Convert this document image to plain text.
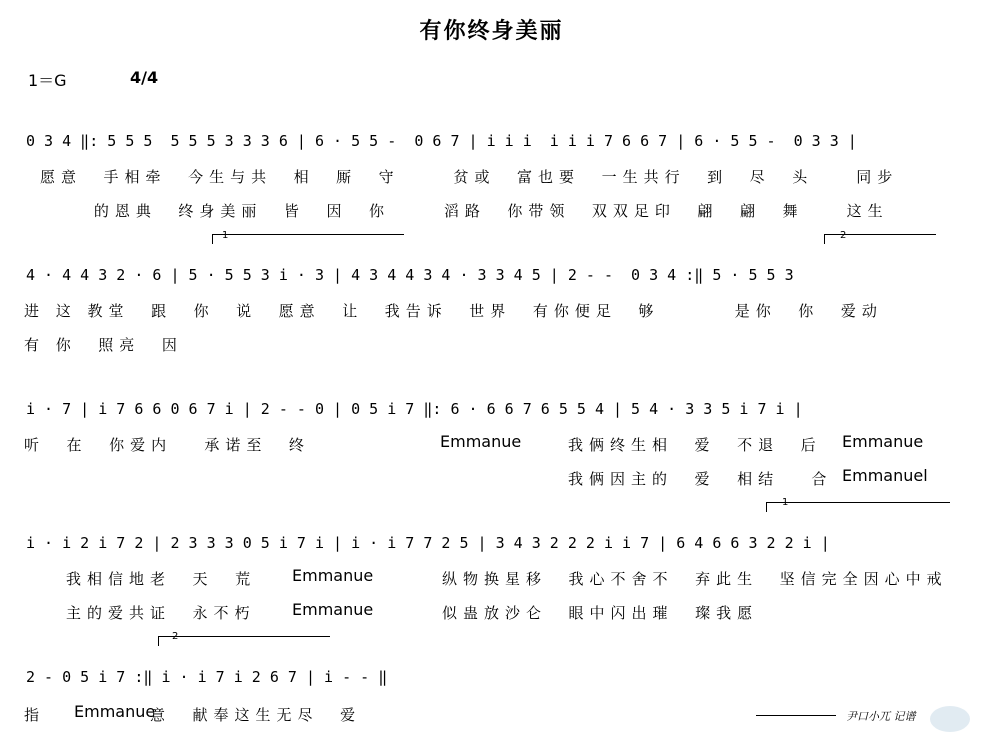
有你终身美丽
1＝G	4/4
0 3 4 ‖: 5 5 5  5 5 5 3 3 3 6 | 6 · 5 5 -  0 6 7 | i i i  i i i 7 6 6 7 | 6 · 5 5 -  0 3 3 |
愿意  手相牵  今生与共  相  厮  守     贫或  富也要  一生共行  到  尽  头    同步
的恩典  终身美丽  皆  因  你     滔路  你带领  双双足印  翩  翩  舞    这生
1	2
4 · 4 4 3 2 · 6 | 5 · 5 5 3 i · 3 | 4 3 4 4 3 4 · 3 3 4 5 | 2 - -  0 3 4 :‖ 5 · 5 5 3
进 这 教堂  跟  你  说  愿意  让  我告诉  世界  有你便足  够       是你  你  爱动
有 你  照亮  因
i · 7 | i 7 6 6 0 6 7 i | 2 - - 0 | 0 5 i 7 ‖: 6 · 6 6 7 6 5 5 4 | 5 4 · 3 3 5 i 7 i |
听  在  你爱内   承诺至  终	Emmanue	我俩终生相  爱  不退  后 Emmanue
我俩因主的  爱  相结   合 Emmanuel
1
i · i 2 i 7 2 | 2 3 3 3 0 5 i 7 i | i · i 7 7 2 5 | 3 4 3 2 2 2 i i 7 | 6 4 6 6 3 2 2 i |
我相信地老  天  荒 Emmanue	纵物换星移  我心不舍不  弃此生  坚信完全因心中戒
主的爱共证  永不朽 Emmanue	似蛊放沙仑  眼中闪出璀  璨我愿
2
2 - 0 5 i 7 :‖ i · i 7 i 2 6 7 | i - - ‖
指 Emmanue
意  献奉这生无尽  爱	尹口小兀 记谱
